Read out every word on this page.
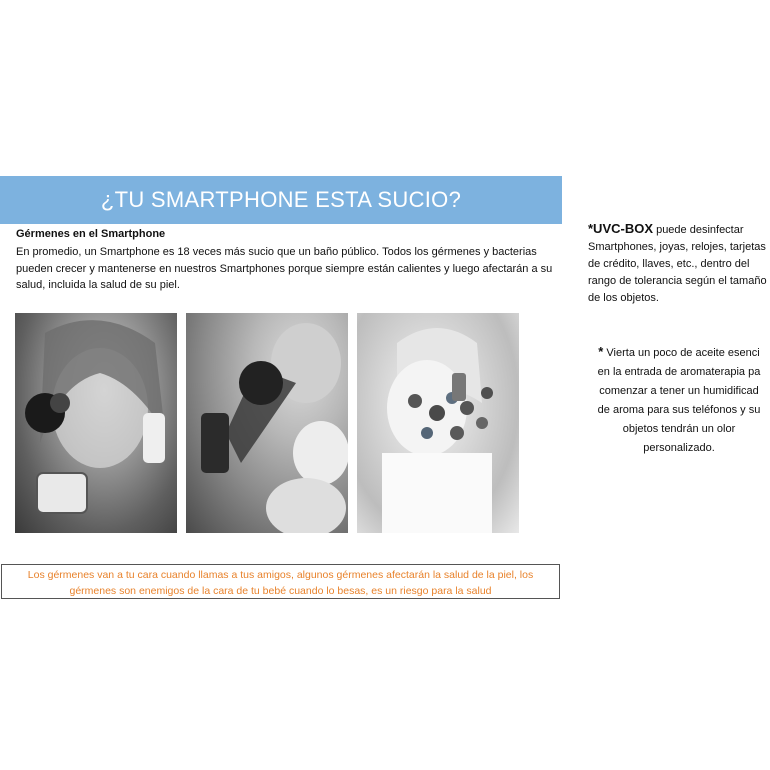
¿TU SMARTPHONE ESTA SUCIO?
Gérmenes en el Smartphone
En promedio, un Smartphone es 18 veces más sucio que un baño público. Todos los gérmenes y bacterias pueden crecer y mantenerse en nuestros Smartphones porque siempre están calientes y luego afectarán a su salud, incluida la salud de su piel.
Los gérmenes van a tu cara cuando llamas a tus amigos, algunos gérmenes afectarán la salud de la piel, los
gérmenes son enemigos de la cara de tu bebé cuando lo besas, es un riesgo para la salud
*UVC-BOX puede desinfectar Smartphones, joyas, relojes, tarjetas de crédito, llaves, etc., dentro del rango de tolerancia según el tamaño de los objetos.
* Vierta un poco de aceite esenci
en la entrada de aromaterapia pa
comenzar a tener un humidificad
de aroma para sus teléfonos y su
objetos tendrán un olor
personalizado.
